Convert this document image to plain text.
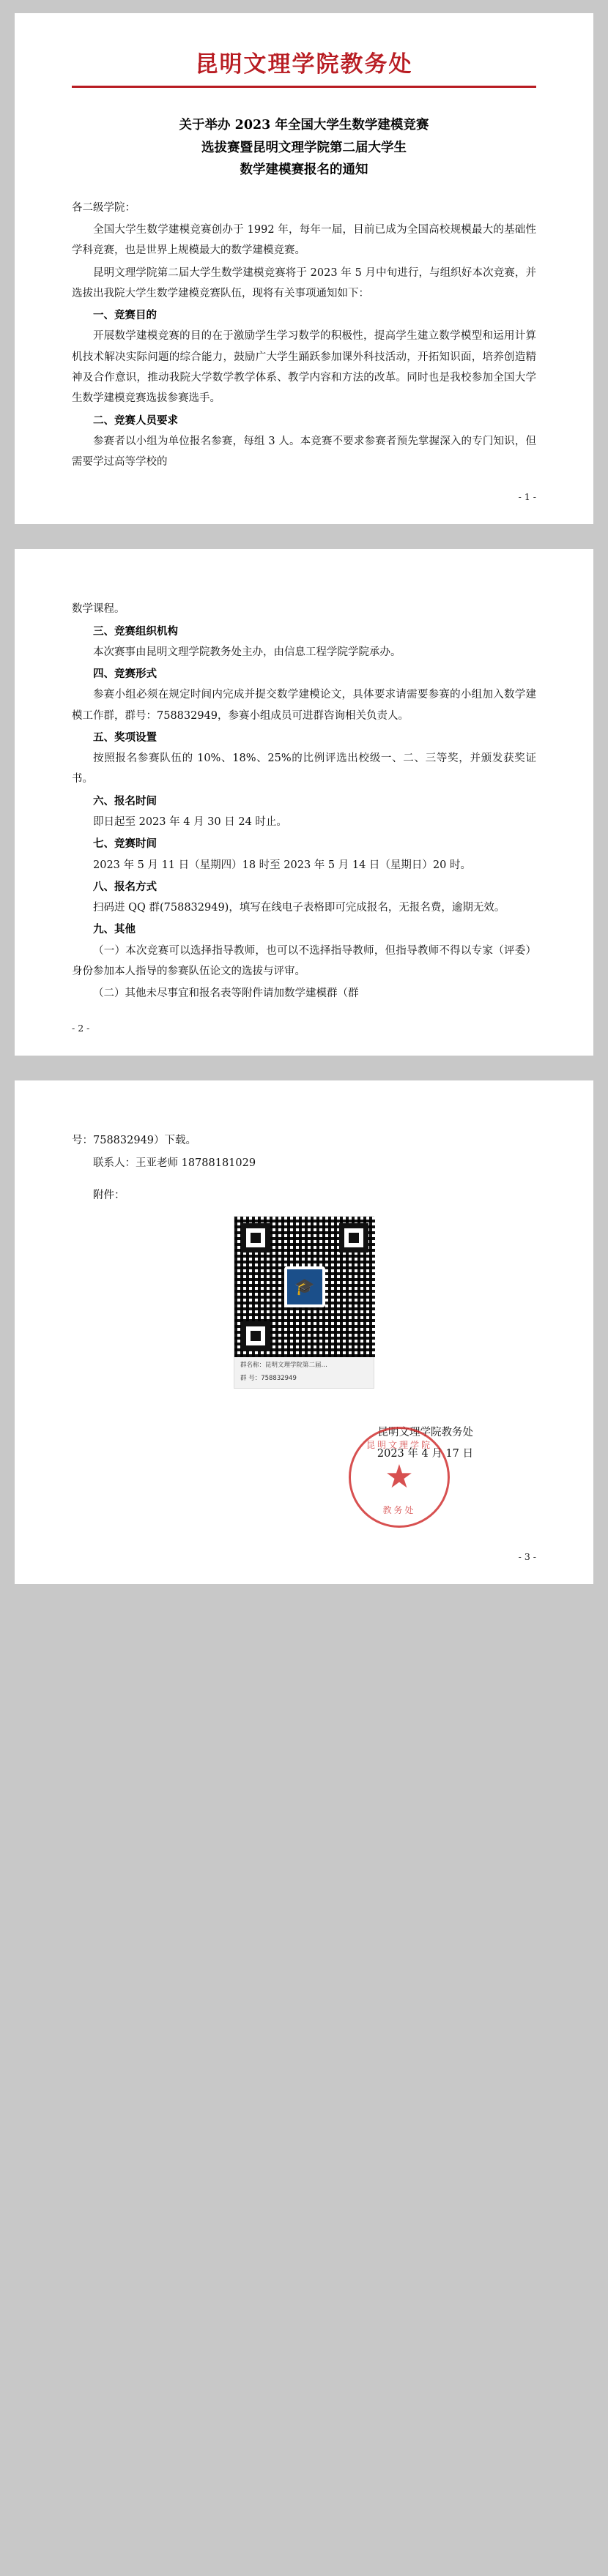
昆明文理学院教务处
关于举办 2023 年全国大学生数学建模竞赛
选拔赛暨昆明文理学院第二届大学生
数学建模赛报名的通知

各二级学院：

全国大学生数学建模竞赛创办于 1992 年，每年一届，目前已成为全国高校规模最大的基础性学科竞赛，也是世界上规模最大的数学建模竞赛。

昆明文理学院第二届大学生数学建模竞赛将于 2023 年 5 月中旬进行，与组织好本次竞赛，并选拔出我院大学生数学建模竞赛队伍，现将有关事项通知如下：

一、竞赛目的

开展数学建模竞赛的目的在于激励学生学习数学的积极性，提高学生建立数学模型和运用计算机技术解决实际问题的综合能力，鼓励广大学生踊跃参加课外科技活动，开拓知识面，培养创造精神及合作意识，推动我院大学数学教学体系、教学内容和方法的改革。同时也是我校参加全国大学生数学建模竞赛选拔参赛选手。

二、竞赛人员要求

参赛者以小组为单位报名参赛，每组 3 人。本竞赛不要求参赛者预先掌握深入的专门知识，但需要学过高等学校的

- 1 -

数学课程。

三、竞赛组织机构

本次赛事由昆明文理学院教务处主办，由信息工程学院学院承办。

四、竞赛形式

参赛小组必须在规定时间内完成并提交数学建模论文，具体要求请需要参赛的小组加入数学建模工作群，群号：758832949，参赛小组成员可进群咨询相关负责人。

五、奖项设置

按照报名参赛队伍的 10%、18%、25%的比例评选出校级一、二、三等奖，并颁发获奖证书。

六、报名时间

即日起至 2023 年 4 月 30 日 24 时止。

七、竞赛时间

2023 年 5 月 11 日（星期四）18 时至 2023 年 5 月 14 日（星期日）20 时。

八、报名方式

扫码进 QQ 群(758832949)，填写在线电子表格即可完成报名，无报名费，逾期无效。

九、其他

（一）本次竞赛可以选择指导教师，也可以不选择指导教师，但指导教师不得以专家（评委）身份参加本人指导的参赛队伍论文的选拔与评审。

（二）其他未尽事宜和报名表等附件请加数学建模群（群

- 2 -

号：758832949）下载。

联系人：王亚老师 18788181029

附件：

🎓
群名称：昆明文理学院第二届…
群 号：758832949
昆明文理学院教务处
2023 年 4 月 17 日
昆明文理学院
★
教务处
- 3 -
